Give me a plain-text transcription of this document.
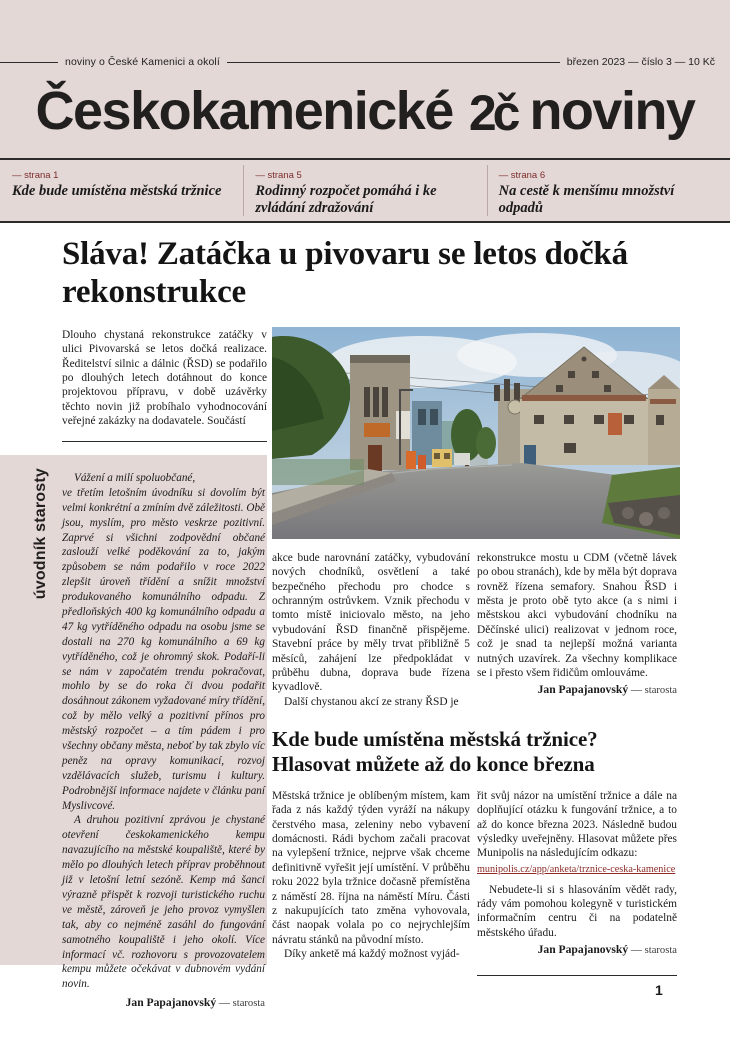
noviny o České Kamenici a okolí	březen 2023 — číslo 3 — 10 Kč
Českokamenické 2č noviny
— strana 1
Kde bude umístěna městská tržnice
— strana 5
Rodinný rozpočet pomáhá i ke zvládání zdražování
— strana 6
Na cestě k menšímu množství odpadů
Sláva! Zatáčka u pivovaru se letos dočká rekonstrukce

Dlouho chystaná rekonstrukce zatáčky v ulici Pivovarská se letos dočká realizace. Ředitelství silnic a dálnic (ŘSD) se podařilo po dlouhých letech dotáhnout do konce projektovou přípravu, v době uzávěrky těchto novin již probíhalo vyhodnocování veřejné zakázky na dodavatele. Součástí

úvodník starosty	Vážení a milí spoluobčané,

ve třetím letošním úvodníku si dovolím být velmi konkrétní a zmíním dvě záležitosti. Obě jsou, myslím, pro město veskrze pozitivní. Zaprvé si všichni zodpovědní občané zaslouží velké poděkování za to, jakým způsobem se nám podařilo v roce 2022 zlepšit úroveň třídění a snížit množství produkovaného komunálního odpadu. Z předloňských 400 kg komunálního odpadu a 47 kg vytříděného odpadu na osobu jsme se dostali na 270 kg komunálního a 69 kg vytříděného, což je ohromný skok. Podaří-li se nám v započatém trendu pokračovat, mohlo by se do roka či dvou podařit dosáhnout zákonem vyžadované míry třídění, což by mělo velký a pozitivní přínos pro městský rozpočet – a tím pádem i pro všechny občany města, neboť by tak zbylo víc peněz na opravy komunikací, rozvoj vzdělávacích služeb, turismu i kultury. Podrobnější informace najdete v článku paní Myslivcové.

A druhou pozitivní zprávou je chystané otevření českokamenického kempu navazujícího na městské koupaliště, které by mělo po dlouhých letech příprav proběhnout již v letošní letní sezóně. Kemp má šanci výrazně přispět k rozvoji turistického ruchu ve městě, zároveň je jeho provoz vymyšlen tak, aby co nejméně zasáhl do fungování samotného koupaliště i jeho okolí. Více informací vč. rozhovoru s provozovatelem kempu můžete očekávat v dubnovém vydání novin.

Jan Papajanovský — starosta

akce bude narovnání zatáčky, vybudování nových chodníků, osvětlení a také bezpečného přechodu pro chodce s ochranným ostrůvkem. Vznik přechodu v tomto místě iniciovalo město, na jeho vybudování ŘSD finančně přispějeme. Stavební práce by měly trvat přibližně 5 měsíců, zahájení lze předpokládat v průběhu dubna, doprava bude řízena kyvadlově.

Další chystanou akcí ze strany ŘSD je

rekonstrukce mostu u CDM (včetně lávek po obou stranách), kde by měla být doprava rovněž řízena semafory. Snahou ŘSD i města je proto obě tyto akce (a s nimi i městskou akci vybudování chodníku na Děčínské ulici) realizovat v jednom roce, což je snad ta nejlepší možná varianta nutných uzavírek. Za všechny komplikace se i přesto všem řidičům omlouváme.

Jan Papajanovský — starosta
Kde bude umístěna městská tržnice?
Hlasovat můžete až do konce března

Městská tržnice je oblíbeným místem, kam řada z nás každý týden vyráží na nákupy čerstvého masa, zeleniny nebo vybavení domácnosti. Rádi bychom začali pracovat na vylepšení tržnice, nejprve však chceme definitivně vyřešit její umístění. V průběhu roku 2022 byla tržnice dočasně přemístěna z náměstí 28. října na náměstí Míru. Části z nakupujících tato změna vyhovovala, část naopak volala po co nejrychlejším návratu stánků na původní místo.

Díky anketě má každý možnost vyjád-

řit svůj názor na umístění tržnice a dále na doplňující otázku k fungování tržnice, a to až do konce března 2023. Následně budou výsledky uveřejněny. Hlasovat můžete přes Munipolis na následujícím odkazu:

munipolis.cz/app/anketa/trznice-ceska-kamenice

Nebudete-li si s hlasováním vědět rady, rády vám pomohou kolegyně v turistickém informačním centru či na podatelně městského úřadu.

Jan Papajanovský — starosta
1
